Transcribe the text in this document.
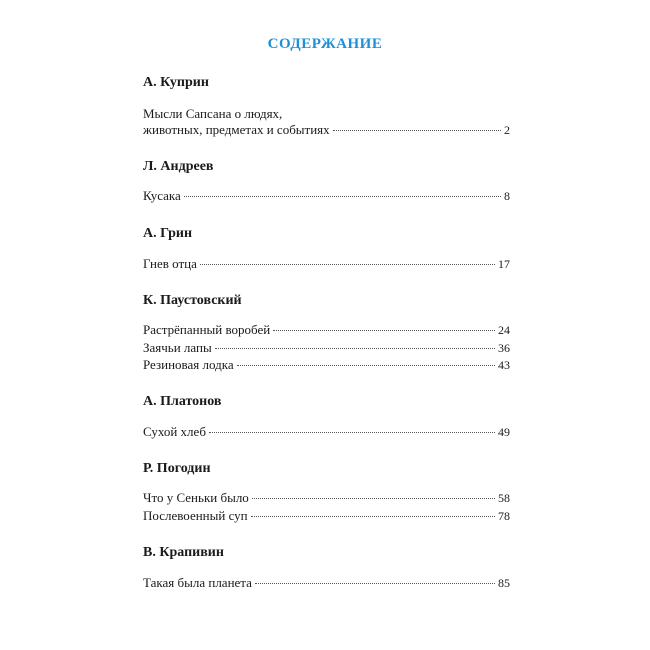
СОДЕРЖАНИЕ
А. Куприн
Мысли Сапсана о людях,
животных, предметах и событиях	2
Л. Андреев
Кусака	8
А. Грин
Гнев отца	17
К. Паустовский
Растрёпанный воробей	24
Заячьи лапы	36
Резиновая лодка	43
А. Платонов
Сухой хлеб	49
Р. Погодин
Что у Сеньки было	58
Послевоенный суп	78
В. Крапивин
Такая была планета	85
